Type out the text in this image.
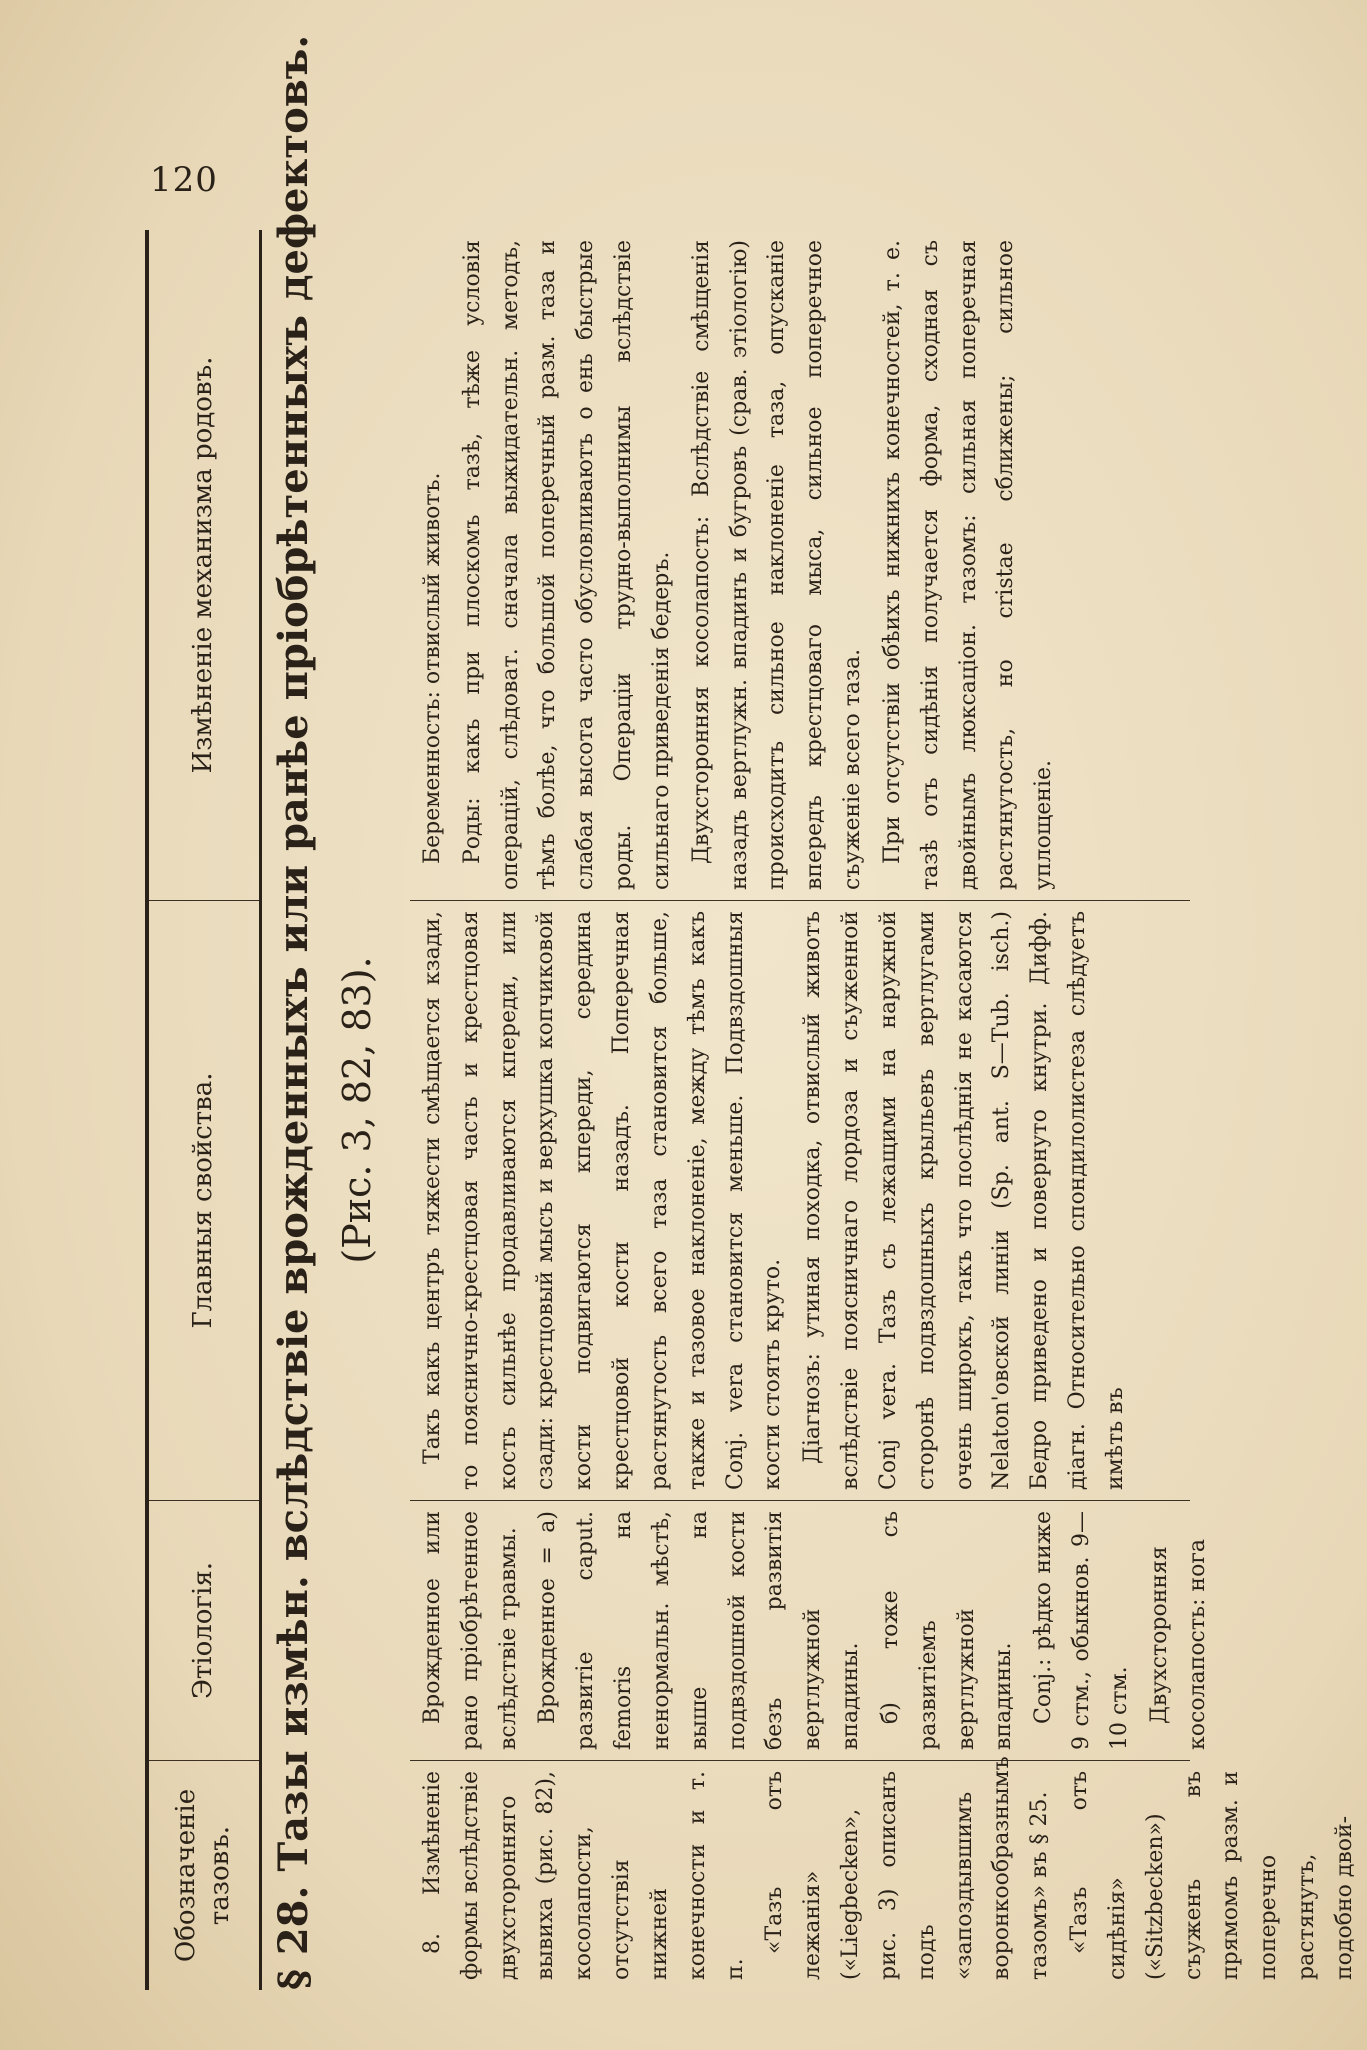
120
Обозначеніе тазовъ.
Этіологія.
Главныя свойства.
Измѣненіе механизма родовъ.	§ 28. Тазы измѣн. вслѣдствіе врожденныхъ или ранѣе пріобрѣтенныхъ дефектовъ. (Рис. 3, 82, 83).

8. Измѣненіе формы вслѣдствіе двухсторонняго вывиха (рис. 82), косолапости, отсутствія нижней конечности и т. п.

«Тазъ отъ лежанія» («Liegbecken», рис. 3) описанъ подъ «запоздывшимъ воронкообразнымъ тазомъ» въ § 25. «Тазъ отъ сидѣнія» («Sitzbecken») съуженъ въ прямомъ разм. и поперечно растянутъ, подобно двой-

Врожденное или рано пріобрѣтенное вслѣдствіе травмы. Врожденное = а) развитіе caput. femoris на ненормальн. мѣстѣ, выше на подвздошной кости безъ развитія вертлужной впадины. б) тоже съ развитіемъ вертлужной впадины. Conj.: рѣдко ниже 9 стм., обыкнов. 9—10 стм. Двухсторонняя косолапость: нога

Такъ какъ центръ тяжести смѣщается кзади, то поясничнo-крестцовая часть и крестцовая кость сильнѣе продавливаются кпереди, или сзади: крестцовый мысъ и верхушка копчиковой кости подвигаются кпереди, середина крестцовой кости назадъ. Поперечная растянутость всего таза становится больше, также и тазовое наклоненіе, между тѣмъ какъ Conj. vera становится меньше. Подвздошныя кости стоятъ круто. Діагнозъ: утиная походка, отвислый животъ вслѣдствіе поясничнаго лордоза и съуженной Conj vera. Тазъ съ лежащими на наружной сторонѣ подвздошныхъ крыльевъ вертлугами очень широкъ, такъ что послѣднія не касаются Nelaton'овской линіи (Sp. ant. S—Tub. isch.) Бедро приведено и повернуто кнутри. Дифф. діагн. Относительно спондилолистеза слѣдуетъ имѣть въ

Беременность: отвислый животъ. Роды: какъ при плоскомъ тазѣ, тѣже условія операцій, слѣдоват. сначала выжидательн. методъ, тѣмъ болѣе, что большой поперечный разм. таза и слабая высота часто обусловливаютъ о ень быстрые роды. Операціи трудно-выполнимы вслѣдствіе сильнаго приведенія бедеръ. Двухсторонняя косолапость: Вслѣдствіе смѣщенія назадъ вертлужн. впадинъ и бугровъ (срав. этіологію) происходитъ сильное наклоненіе таза, опусканіе впередъ крестцоваго мыса, сильное поперечное съуженіе всего таза. При отсутствіи обѣихъ нижнихъ конечностей, т. е. тазѣ отъ сидѣнія получается форма, сходная съ двойнымъ люксаціон. тазомъ: сильная поперечная растянутость, но cristae сближены; сильное уплощеніе.
